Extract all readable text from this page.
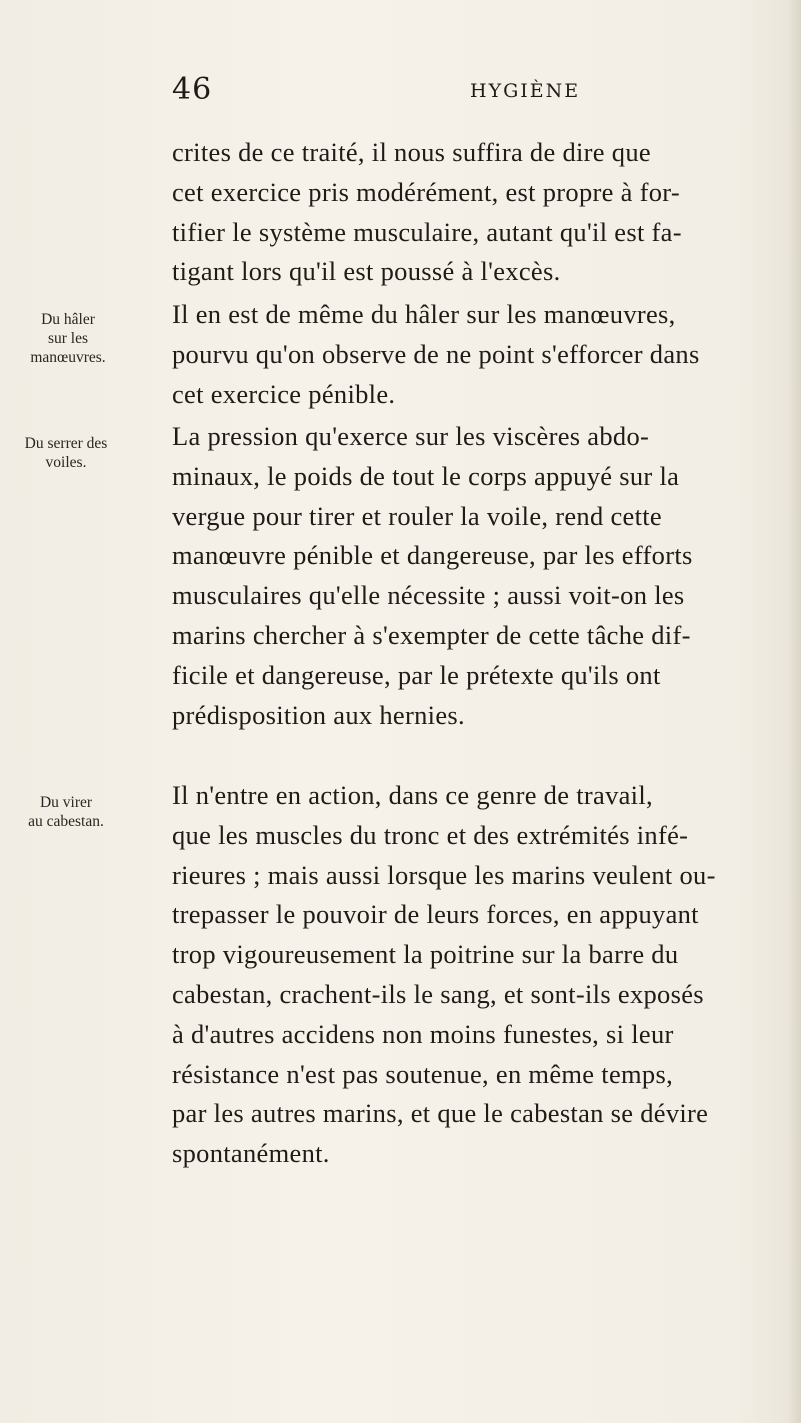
46	HYGIÈNE
crites de ce traité, il nous suffira de dire que
cet exercice pris modérément, est propre à for-
tifier le système musculaire, autant qu'il est fa-
tigant lors qu'il est poussé à l'excès.
Il en est de même du hâler sur les manœuvres,
pourvu qu'on observe de ne point s'efforcer dans
cet exercice pénible.
La pression qu'exerce sur les viscères abdo-
minaux, le poids de tout le corps appuyé sur la
vergue pour tirer et rouler la voile, rend cette
manœuvre pénible et dangereuse, par les efforts
musculaires qu'elle nécessite ; aussi voit-on les
marins chercher à s'exempter de cette tâche dif-
ficile et dangereuse, par le prétexte qu'ils ont
prédisposition aux hernies.
Il n'entre en action, dans ce genre de travail,
que les muscles du tronc et des extrémités infé-
rieures ; mais aussi lorsque les marins veulent ou-
trepasser le pouvoir de leurs forces, en appuyant
trop vigoureusement la poitrine sur la barre du
cabestan, crachent-ils le sang, et sont-ils exposés
à d'autres accidens non moins funestes, si leur
résistance n'est pas soutenue, en même temps,
par les autres marins, et que le cabestan se dévire
spontanément.
Du hâler
sur les
manœuvres.
Du serrer des
voiles.
Du virer
au cabestan.
